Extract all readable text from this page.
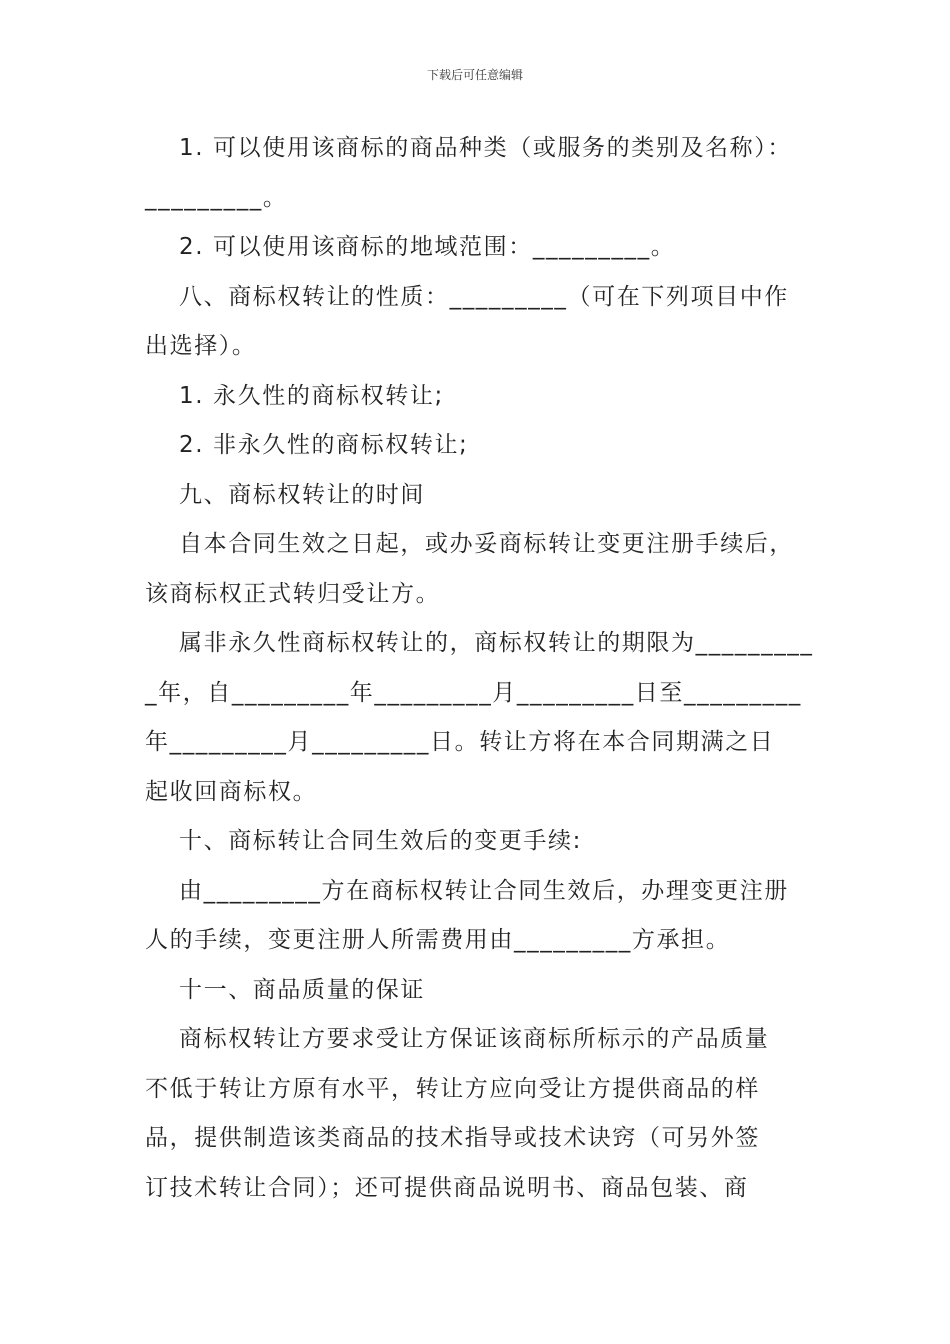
下载后可任意编辑

1. 可以使用该商标的商品种类（或服务的类别及名称）：

_________。

2. 可以使用该商标的地域范围：_________。

八、商标权转让的性质：_________（可在下列项目中作

出选择）。

1. 永久性的商标权转让;

2. 非永久性的商标权转让;

九、商标权转让的时间

自本合同生效之日起，或办妥商标转让变更注册手续后，

该商标权正式转归受让方。

属非永久性商标权转让的，商标权转让的期限为_________

_年，自_________年_________月_________日至_________

年_________月_________日。转让方将在本合同期满之日

起收回商标权。

十、商标转让合同生效后的变更手续:

由_________方在商标权转让合同生效后，办理变更注册

人的手续，变更注册人所需费用由_________方承担。

十一、商品质量的保证

商标权转让方要求受让方保证该商标所标示的产品质量

不低于转让方原有水平，转让方应向受让方提供商品的样

品，提供制造该类商品的技术指导或技术诀窍（可另外签

订技术转让合同）；还可提供商品说明书、商品包装、商
